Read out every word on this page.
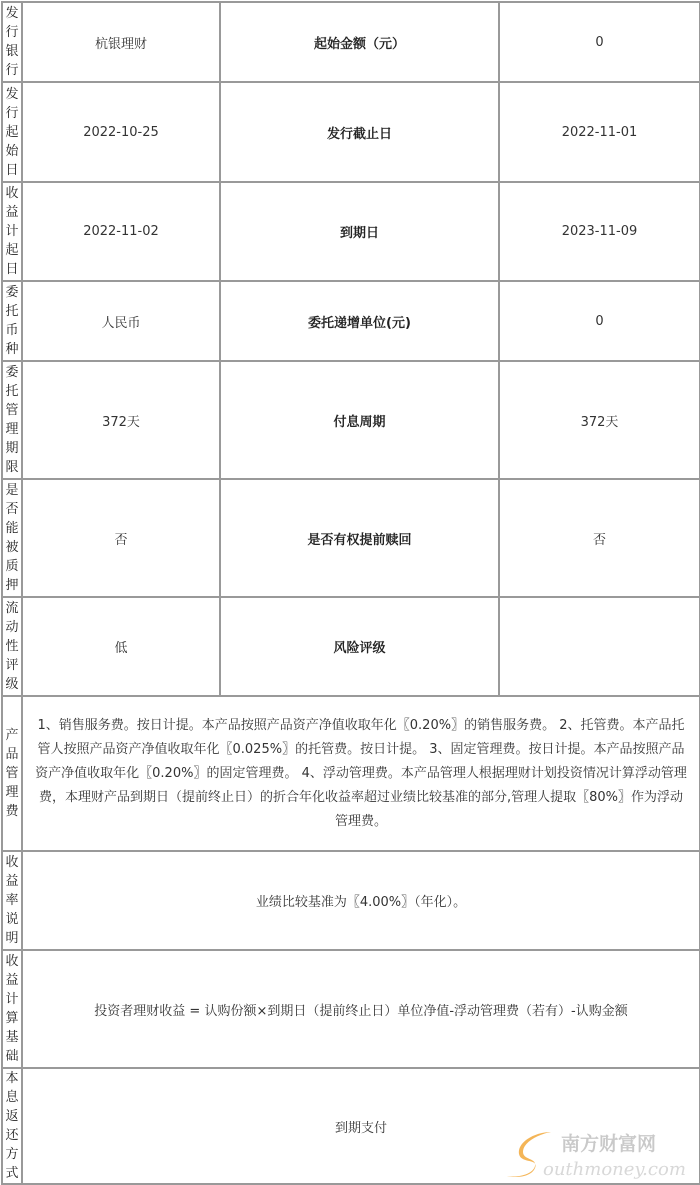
发行银行	杭银理财	起始金额（元）	0
发行起始日	2022-10-25	发行截止日	2022-11-01
收益计起日	2022-11-02	到期日	2023-11-09
委托币种	人民币	委托递增单位(元)	0
委托管理期限	372天	付息周期	372天
是否能被质押	否	是否有权提前赎回	否
流动性评级	低	风险评级	
产品管理费	1、销售服务费。按日计提。本产品按照产品资产净值收取年化〖0.20%〗的销售服务费。 2、托管费。本产品托管人按照产品资产净值收取年化〖0.025%〗的托管费。按日计提。 3、固定管理费。按日计提。本产品按照产品资产净值收取年化〖0.20%〗的固定管理费。 4、浮动管理费。本产品管理人根据理财计划投资情况计算浮动管理费，本理财产品到期日（提前终止日）的折合年化收益率超过业绩比较基准的部分,管理人提取〖80%〗作为浮动管理费。		
收益率说明	业绩比较基准为〖4.00%〗（年化）。		
收益计算基础	投资者理财收益 = 认购份额×到期日（提前终止日）单位净值-浮动管理费（若有）-认购金额		
本息返还方式	到期支付		
南方财富网
outhmoney.com
